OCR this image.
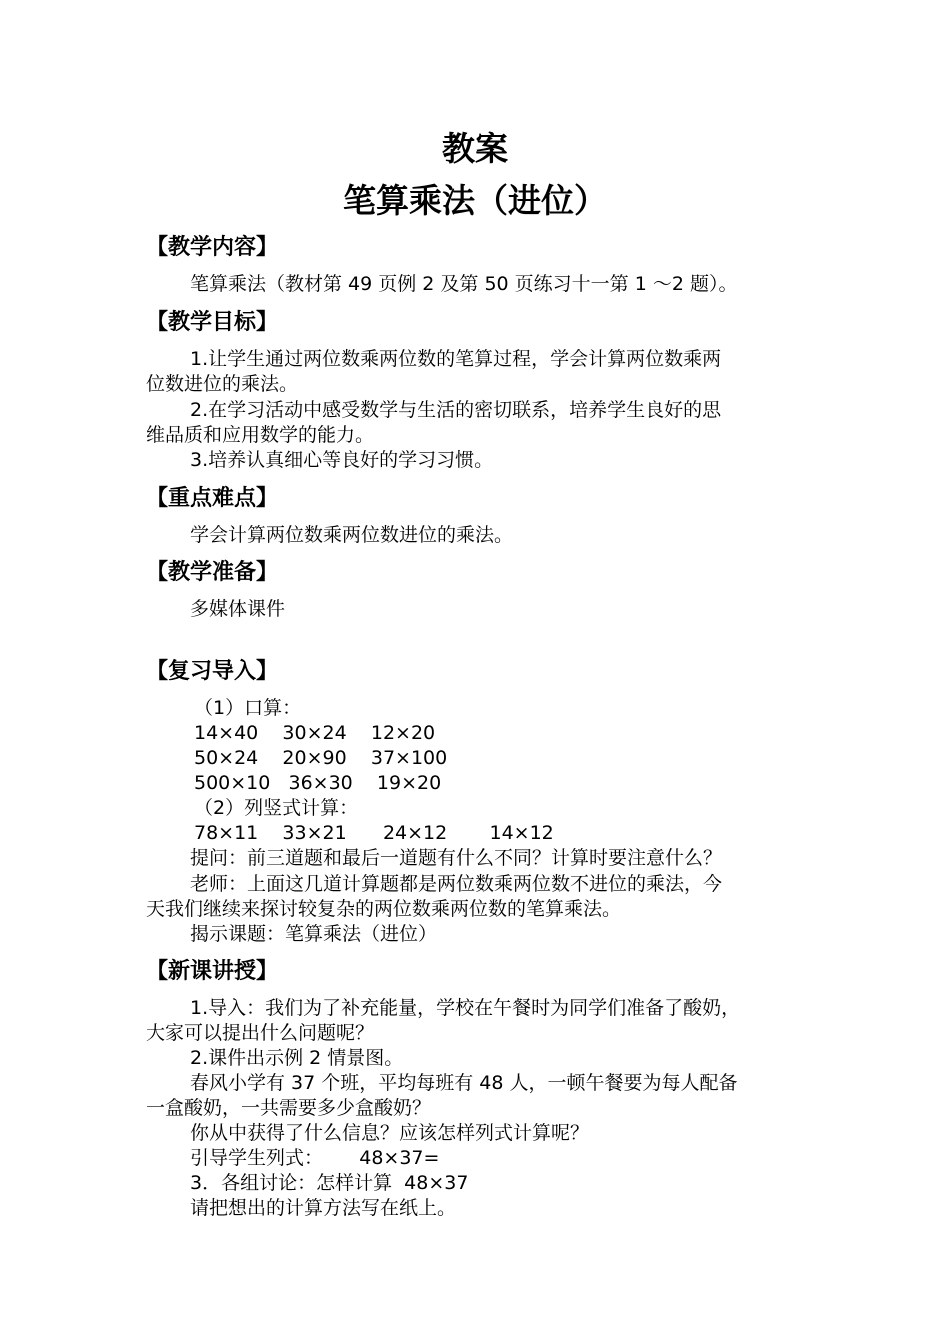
教案
笔算乘法（进位）
【教学内容】
笔算乘法（教材第 49 页例 2 及第 50 页练习十一第 1 ～2 题）。
【教学目标】
1.让学生通过两位数乘两位数的笔算过程，学会计算两位数乘两
位数进位的乘法。
2.在学习活动中感受数学与生活的密切联系，培养学生良好的思
维品质和应用数学的能力。
3.培养认真细心等良好的学习习惯。
【重点难点】
学会计算两位数乘两位数进位的乘法。
【教学准备】
多媒体课件
【复习导入】
（1）口算：
14×40    30×24    12×20
50×24    20×90    37×100
500×10   36×30    19×20
（2）列竖式计算：
78×11    33×21      24×12       14×12
提问：前三道题和最后一道题有什么不同？计算时要注意什么？
老师：上面这几道计算题都是两位数乘两位数不进位的乘法，今
天我们继续来探讨较复杂的两位数乘两位数的笔算乘法。
揭示课题：笔算乘法（进位）
【新课讲授】
1.导入：我们为了补充能量，学校在午餐时为同学们准备了酸奶，
大家可以提出什么问题呢？
2.课件出示例 2 情景图。
春风小学有 37 个班，平均每班有 48 人，一顿午餐要为每人配备
一盒酸奶，一共需要多少盒酸奶？
你从中获得了什么信息？应该怎样列式计算呢？
引导学生列式：      48×37=
3．各组讨论：怎样计算  48×37
请把想出的计算方法写在纸上。
